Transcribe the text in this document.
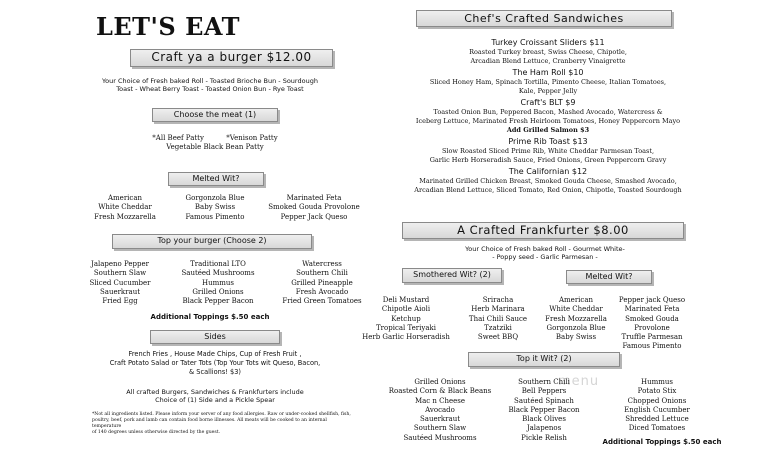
LET'S EAT
Craft ya a burger $12.00
Your Choice of Fresh baked Roll - Toasted Brioche Bun - Sourdough
Toast - Wheat Berry Toast - Toasted Onion Bun - Rye Toast
Choose the meat (1)
*All Beef Patty          *Venison Patty
Vegetable Black Bean Patty
Melted Wit?
American
White Cheddar
Fresh Mozzarella
Gorgonzola Blue
Baby Swiss
Famous Pimento
Marinated Feta
Smoked Gouda Provolone
Pepper Jack Queso
Top your burger (Choose 2)
Jalapeno Pepper
Southern Slaw
Sliced Cucumber
Sauerkraut
Fried Egg
Traditional LTO
Sautéed Mushrooms
Hummus
Grilled Onions
Black Pepper Bacon
Watercress
Southern Chili
Grilled Pineapple
Fresh Avocado
Fried Green Tomatoes
Additional Toppings $.50 each
Sides
French Fries , House Made Chips, Cup of Fresh Fruit ,
Craft Potato Salad or Tater Tots (Top Your Tots wit Queso, Bacon,
& Scallions! $3)
All crafted Burgers, Sandwiches & Frankfurters include
Choice of (1) Side and a Pickle Spear
*Not all ingredients listed. Please inform your server of any food allergies. Raw or under-cooked shellfish, fish,
poultry, beef, pork and lamb can contain food borne illnesses. All meats will be cooked to an internal temperature
of 140 degrees unless otherwise directed by the guest.
Chef's Crafted Sandwiches
Turkey Croissant Sliders $11
Roasted Turkey breast, Swiss Cheese, Chipotle,
Arcadian Blend Lettuce, Cranberry Vinaigrette
The Ham Roll $10
Sliced Honey Ham, Spinach Tortilla, Pimento Cheese, Italian Tomatoes,
Kale, Pepper Jelly
Craft's BLT $9
Toasted Onion Bun, Peppered Bacon, Mashed Avocado, Watercress &
Iceberg Lettuce, Marinated Fresh Heirloom Tomatoes, Honey Peppercorn Mayo
Add Grilled Salmon $3
Prime Rib Toast $13
Slow Roasted Sliced Prime Rib, White Cheddar Parmesan Toast,
Garlic Herb Horseradish Sauce, Fried Onions, Green Peppercorn Gravy
The Californian $12
Marinated Grilled Chicken Breast, Smoked Gouda Cheese, Smashed Avocado,
Arcadian Blend Lettuce, Sliced Tomato, Red Onion, Chipotle, Toasted Sourdough
A Crafted Frankfurter $8.00
Your Choice of Fresh baked Roll - Gourmet White-
- Poppy seed - Garlic Parmesan -
Smothered Wit? (2)	Melted Wit?
Deli Mustard
Chipotle Aioli
Ketchup
Tropical Teriyaki
Herb Garlic Horseradish
Sriracha
Herb Marinara
Thai Chili Sauce
Tzatziki
Sweet BBQ
American
White Cheddar
Fresh Mozzarella
Gorgonzola Blue
Baby Swiss
Pepper jack Queso
Marinated Feta
Smoked Gouda
Provolone
Truffle Parmesan
Famous Pimento
Top it Wit? (2)
menu
Grilled Onions
Roasted Corn & Black Beans
Mac n Cheese
Avocado
Sauerkraut
Southern Slaw
Sautéed Mushrooms
Southern Chili
Bell Peppers
Sautéed Spinach
Black Pepper Bacon
Black Olives
Jalapenos
Pickle Relish
Hummus
Potato Stix
Chopped Onions
English Cucumber
Shredded Lettuce
Diced Tomatoes
Additional Toppings $.50 each
